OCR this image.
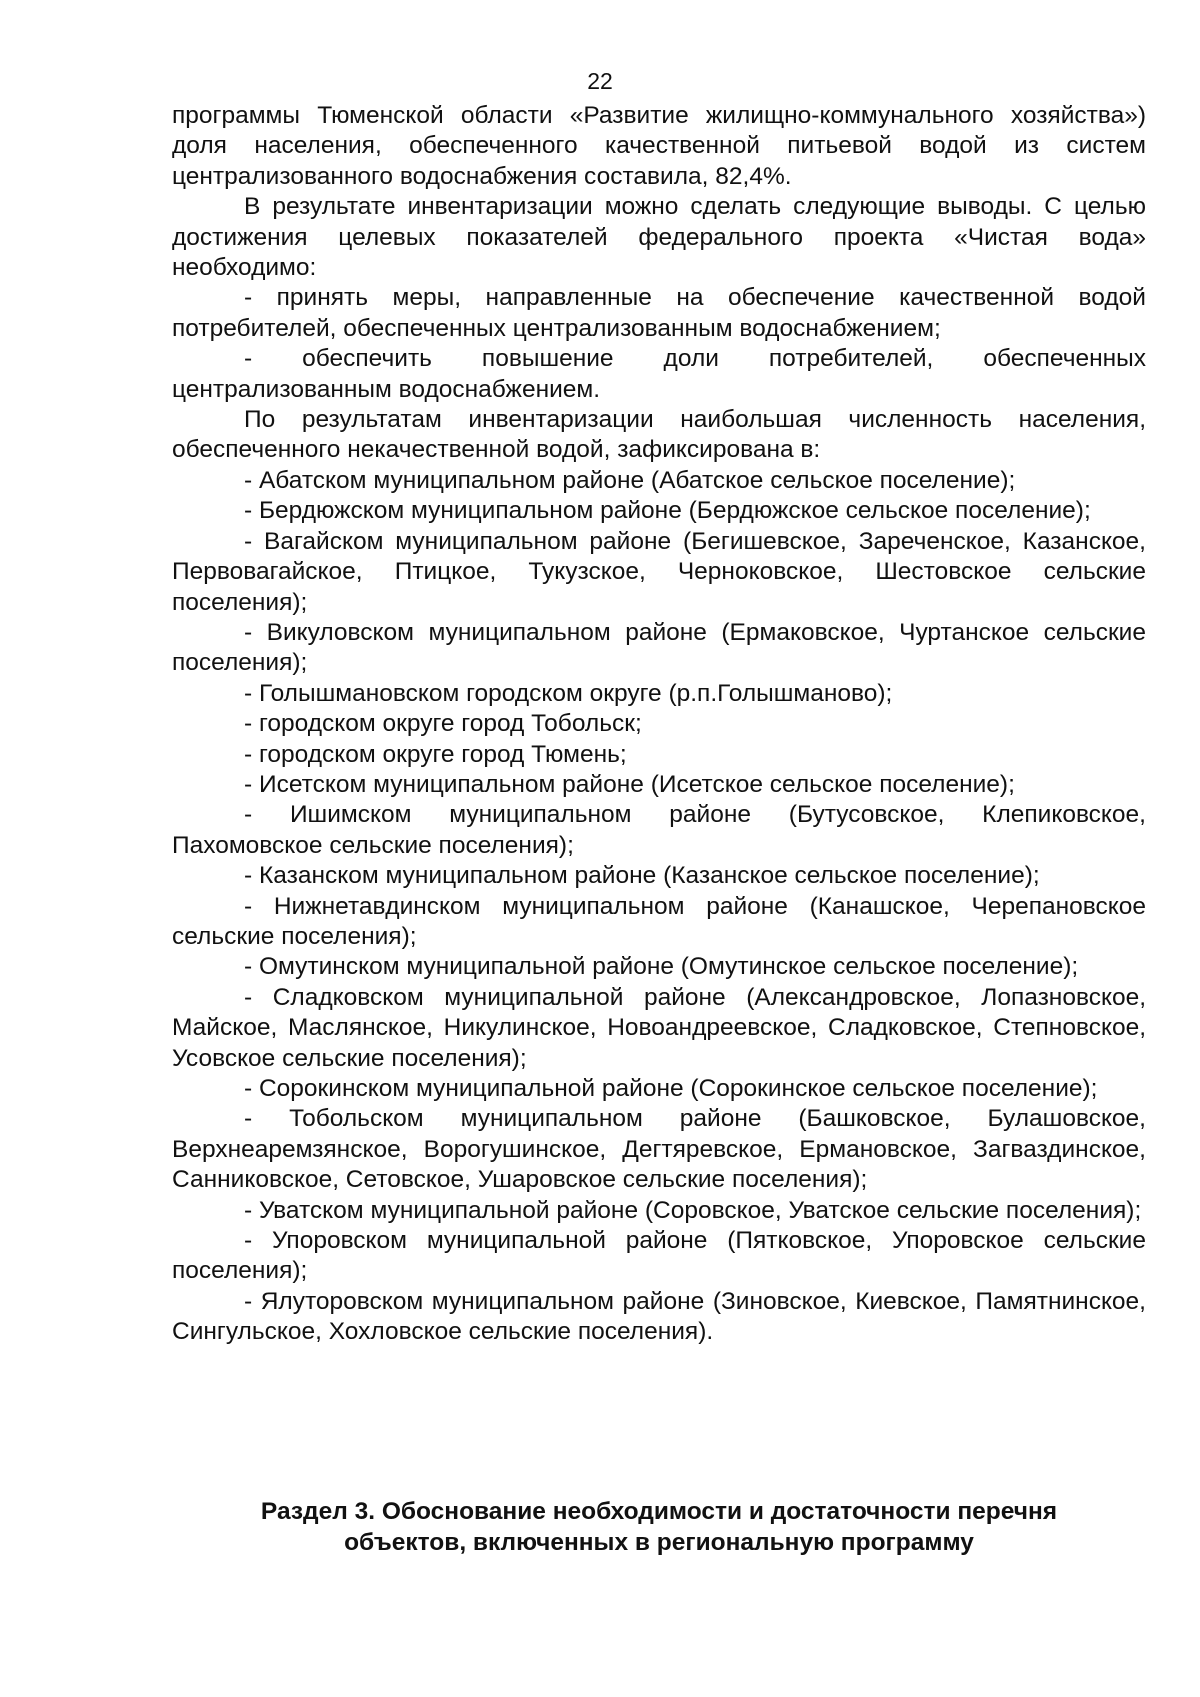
22

программы Тюменской области «Развитие жилищно-коммунального хозяйства») доля населения, обеспеченного качественной питьевой водой из систем централизованного водоснабжения составила, 82,4%.

В результате инвентаризации можно сделать следующие выводы. С целью достижения целевых показателей федерального проекта «Чистая вода» необходимо:

- принять меры, направленные на обеспечение качественной водой потребителей, обеспеченных централизованным водоснабжением;

- обеспечить повышение доли потребителей, обеспеченных централизованным водоснабжением.

По результатам инвентаризации наибольшая численность населения, обеспеченного некачественной водой, зафиксирована в:

- Абатском муниципальном районе (Абатское сельское поселение);

- Бердюжском муниципальном районе (Бердюжское сельское поселение);

- Вагайском муниципальном районе (Бегишевское, Зареченское, Казанское, Первовагайское, Птицкое, Тукузское, Черноковское, Шестовское сельские поселения);

- Викуловском муниципальном районе (Ермаковское, Чуртанское сельские поселения);

- Голышмановском городском округе (р.п.Голышманово);

- городском округе город Тобольск;

- городском округе город Тюмень;

- Исетском муниципальном районе (Исетское сельское поселение);

- Ишимском муниципальном районе (Бутусовское, Клепиковское, Пахомовское сельские поселения);

- Казанском муниципальном районе (Казанское сельское поселение);

- Нижнетавдинском муниципальном районе (Канашское, Черепановское сельские поселения);

- Омутинском муниципальной районе (Омутинское сельское поселение);

- Сладковском муниципальной районе (Александровское, Лопазновское, Майское, Маслянское, Никулинское, Новоандреевское, Сладковское, Степновское, Усовское сельские поселения);

- Сорокинском муниципальной районе (Сорокинское сельское поселение);

- Тобольском муниципальном районе (Башковское, Булашовское, Верхнеаремзянское, Ворогушинское, Дегтяревское, Ермановское, Загваздинское, Санниковское, Сетовское, Ушаровское сельские поселения);

- Уватском муниципальной районе (Соровское, Уватское сельские поселения);

- Упоровском муниципальной районе (Пятковское, Упоровское сельские поселения);

- Ялуторовском муниципальном районе (Зиновское, Киевское, Памятнинское, Сингульское, Хохловское сельские поселения).

Раздел 3. Обоснование необходимости и достаточности перечня
объектов, включенных в региональную программу
